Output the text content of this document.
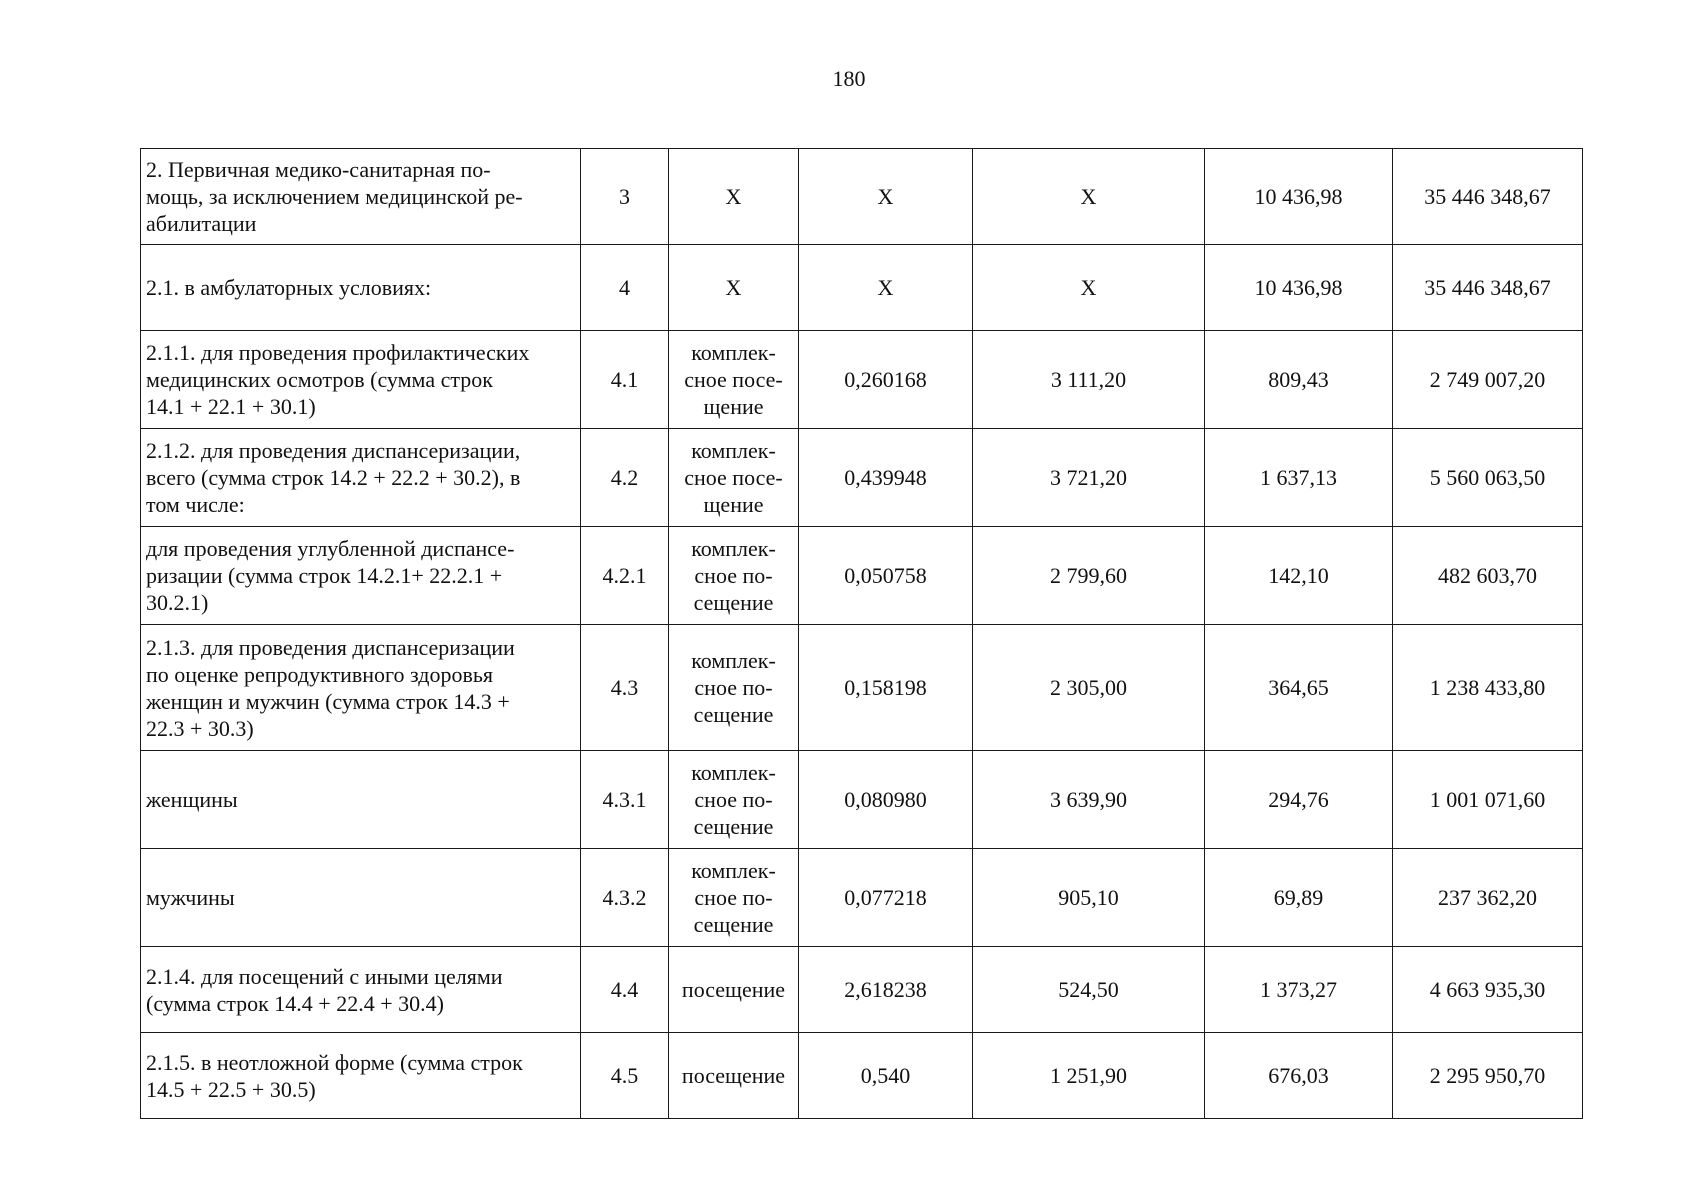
180
2. Первичная медико-санитарная по-
мощь, за исключением медицинской ре-
абилитации	3	Х	Х	Х	10 436,98	35 446 348,67
2.1. в амбулаторных условиях:	4	Х	Х	Х	10 436,98	35 446 348,67
2.1.1. для проведения профилактических
медицинских осмотров (сумма строк
14.1 + 22.1 + 30.1)	4.1	комплек-
сное посе-
щение	0,260168	3 111,20	809,43	2 749 007,20
2.1.2. для проведения диспансеризации,
всего (сумма строк 14.2 + 22.2 + 30.2), в
том числе:	4.2	комплек-
сное посе-
щение	0,439948	3 721,20	1 637,13	5 560 063,50
для проведения углубленной диспансе-
ризации (сумма строк 14.2.1+ 22.2.1 +
30.2.1)	4.2.1	комплек-
сное по-
сещение	0,050758	2 799,60	142,10	482 603,70
2.1.3. для проведения диспансеризации
по оценке репродуктивного здоровья
женщин и мужчин (сумма строк 14.3 +
22.3 + 30.3)	4.3	комплек-
сное по-
сещение	0,158198	2 305,00	364,65	1 238 433,80
женщины	4.3.1	комплек-
сное по-
сещение	0,080980	3 639,90	294,76	1 001 071,60
мужчины	4.3.2	комплек-
сное по-
сещение	0,077218	905,10	69,89	237 362,20
2.1.4. для посещений с иными целями
(сумма строк 14.4 + 22.4 + 30.4)	4.4	посещение	2,618238	524,50	1 373,27	4 663 935,30
2.1.5. в неотложной форме (сумма строк
14.5 + 22.5 + 30.5)	4.5	посещение	0,540	1 251,90	676,03	2 295 950,70
